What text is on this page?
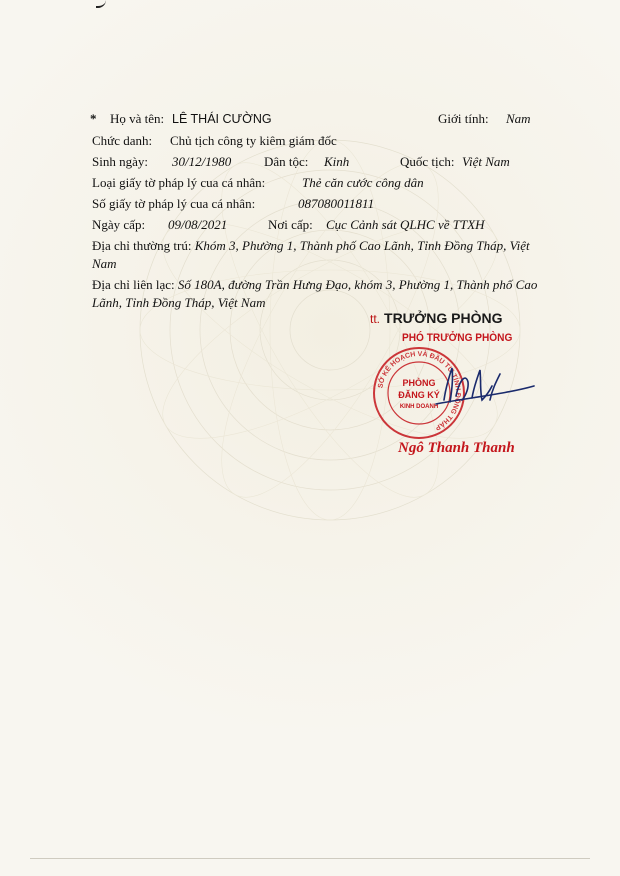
* Họ và tên: LÊ THÁI CƯỜNG	Giới tính: Nam
Chức danh: Chủ tịch công ty kiêm giám đốc
Sinh ngày: 30/12/1980	Dân tộc: Kinh	Quốc tịch: Việt Nam
Loại giấy tờ pháp lý cua cá nhân:	Thẻ căn cước công dân
Số giấy tờ pháp lý cua cá nhân:	087080011811
Ngày cấp: 09/08/2021	Nơi cấp: Cục Cảnh sát QLHC về TTXH
Địa chỉ thường trú: Khóm 3, Phường 1, Thành phố Cao Lãnh, Tỉnh Đồng Tháp, Việt Nam
Địa chỉ liên lạc: Số 180A, đường Trần Hưng Đạo, khóm 3, Phường 1, Thành phố Cao Lãnh, Tỉnh Đồng Tháp, Việt Nam
tt. TRƯỞNG PHÒNG
PHÓ TRƯỞNG PHÒNG
SỞ KẾ HOẠCH VÀ ĐẦU TƯ TỈNH ĐỒNG THÁP
PHÒNG
ĐĂNG KÝ
KINH DOANH
Ngô Thanh Thanh
